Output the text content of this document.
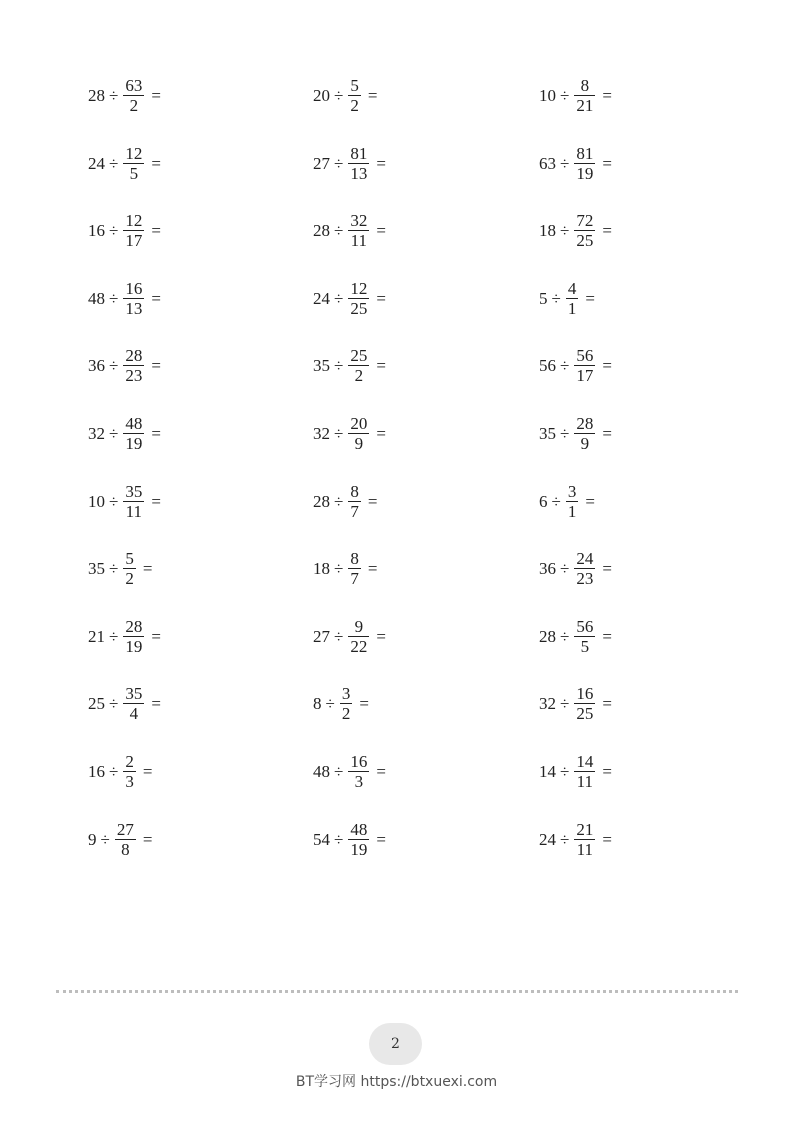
$28 \div \frac{63}{2}$ =
$24 \div \frac{12}{5}$ =
$16 \div \frac{12}{17}$ =
$48 \div \frac{16}{13}$ =
$36 \div \frac{28}{23}$ =
$32 \div \frac{48}{19}$ =
$10 \div \frac{35}{11}$ =
$35 \div \frac{5}{2}$ =
$21 \div \frac{28}{19}$ =
$25 \div \frac{35}{4}$ =
$16 \div \frac{2}{3}$ =
$9 \div \frac{27}{8}$ =
$20 \div \frac{5}{2}$ =
$27 \div \frac{81}{13}$ =
$28 \div \frac{32}{11}$ =
$24 \div \frac{12}{25}$ =
$35 \div \frac{25}{2}$ =
$32 \div \frac{20}{9}$ =
$28 \div \frac{8}{7}$ =
$18 \div \frac{8}{7}$ =
$27 \div \frac{9}{22}$ =
$8 \div \frac{3}{2}$ =
$48 \div \frac{16}{3}$ =
$54 \div \frac{48}{19}$ =
$10 \div \frac{8}{21}$ =
$63 \div \frac{81}{19}$ =
$18 \div \frac{72}{25}$ =
$5 \div \frac{4}{1}$ =
$56 \div \frac{56}{17}$ =
$35 \div \frac{28}{9}$ =
$6 \div \frac{3}{1}$ =
$36 \div \frac{24}{23}$ =
$28 \div \frac{56}{5}$ =
$32 \div \frac{16}{25}$ =
$14 \div \frac{14}{11}$ =
$24 \div \frac{21}{11}$ =
2
BT学习网 https://btxuexi.com
